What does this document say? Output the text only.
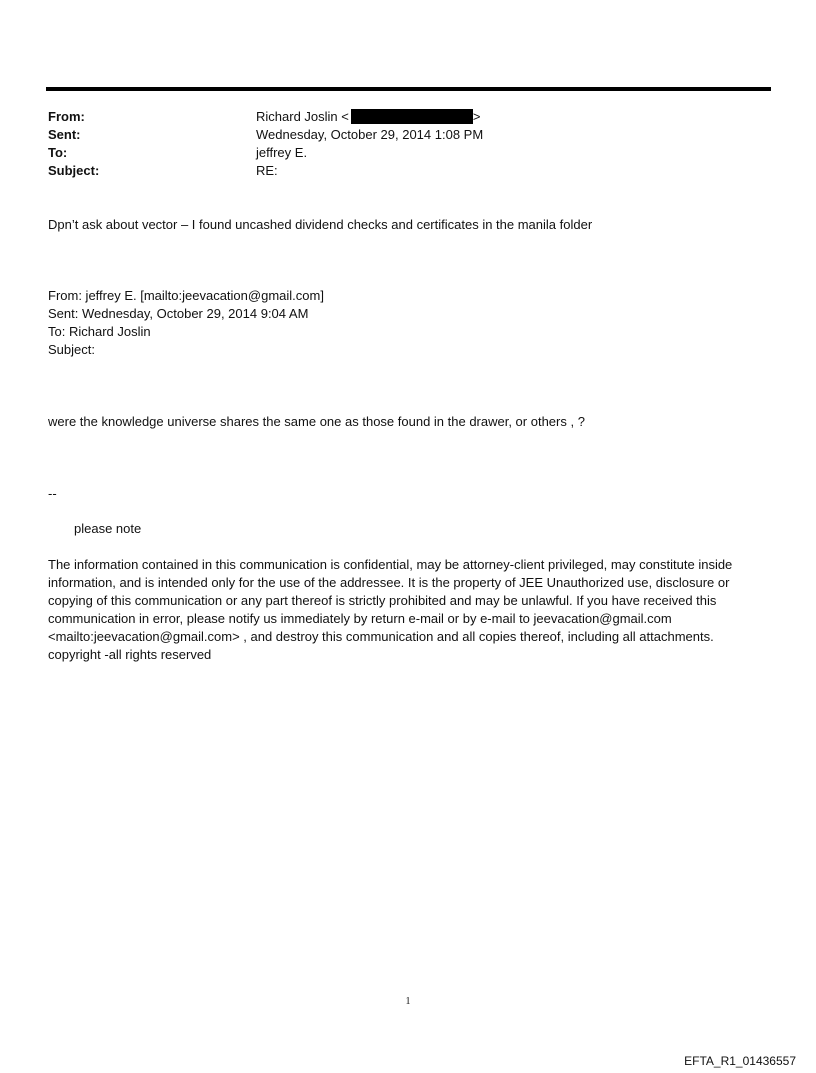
From:	Richard Joslin <	>
Sent:	Wednesday, October 29, 2014 1:08 PM
To:	jeffrey E.
Subject:	RE:
Dpn’t ask about vector – I found uncashed dividend checks and certificates in the manila folder
From: jeffrey E. [mailto:jeevacation@gmail.com]
Sent: Wednesday, October 29, 2014 9:04 AM
To: Richard Joslin
Subject:
were the knowledge universe shares the same one as those found in the drawer, or others , ?
--
please note
The information contained in this communication is confidential, may be attorney-client privileged, may constitute inside information, and is intended only for the use of the addressee. It is the property of JEE Unauthorized use, disclosure or copying of this communication or any part thereof is strictly prohibited and may be unlawful. If you have received this communication in error, please notify us immediately by return e-mail or by e-mail to jeevacation@gmail.com <mailto:jeevacation@gmail.com> , and destroy this communication and all copies thereof, including all attachments. copyright -all rights reserved
1
EFTA_R1_01436557
